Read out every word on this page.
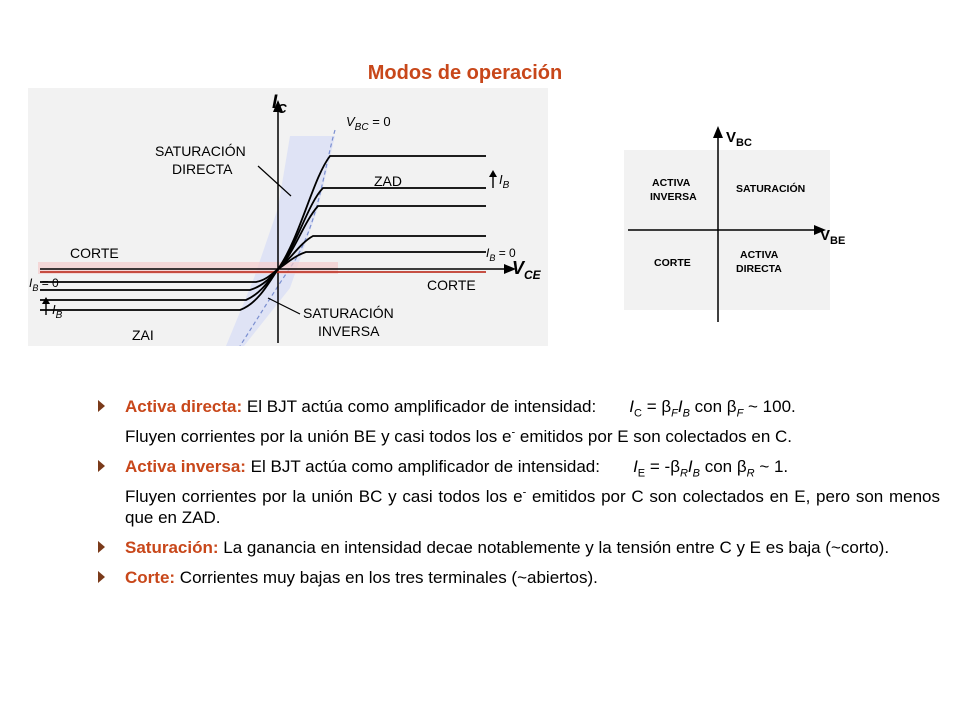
Modos de operación
$I_C$
$V_{CE}$
$V_{BC} = 0$
SATURACIÓN
DIRECTA
ZAD	$I_B$
CORTE	$I_B = 0$
CORTE
$I_B = 0$
$I_B$	SATURACIÓN
INVERSA
ZAI
$V_{BC}$
$V_{BE}$
ACTIVA
INVERSA
SATURACIÓN
CORTE
ACTIVA
DIRECTA
Activa directa: El BJT actúa como amplificador de intensidad: $I_C = \beta_FI_B$ con $\beta_F$ ~ 100.
Fluyen corrientes por la unión BE y casi todos los e- emitidos por E son colectados en C.
Activa inversa: El BJT actúa como amplificador de intensidad: $I_E = -\beta_RI_B$ con $\beta_R$ ~ 1.
Fluyen corrientes por la unión BC y casi todos los e- emitidos por C son colectados en E, pero son menos que en ZAD.
Saturación: La ganancia en intensidad decae notablemente y la tensión entre C y E es baja (~corto).
Corte: Corrientes muy bajas en los tres terminales (~abiertos).
